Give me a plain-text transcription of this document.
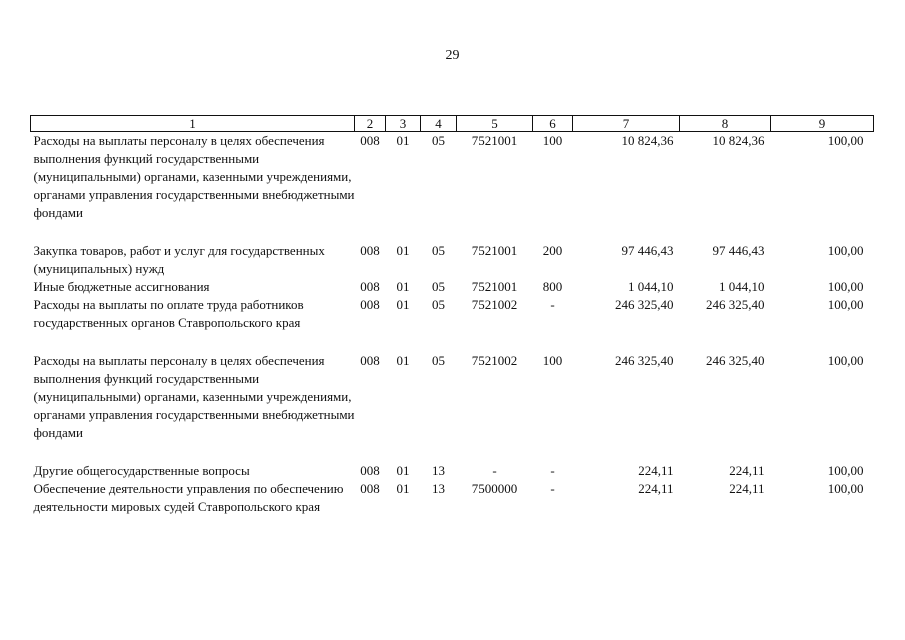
29
1	2	3	4	5	6	7	8	9
Расходы на выплаты персоналу в целях обеспечения выполнения функций государственными (муниципальными) органами, казенными учреждениями, органами управления государственными внебюджетными фондами	008	01	05	7521001	100	10 824,36	10 824,36	100,00
Закупка товаров, работ и услуг для государственных (муниципальных) нужд	008	01	05	7521001	200	97 446,43	97 446,43	100,00
Иные бюджетные ассигнования	008	01	05	7521001	800	1 044,10	1 044,10	100,00
Расходы на выплаты по оплате труда работников государственных органов Ставропольского края	008	01	05	7521002	-	246 325,40	246 325,40	100,00
Расходы на выплаты персоналу в целях обеспечения выполнения функций государственными (муниципальными) органами, казенными учреждениями, органами управления государственными внебюджетными фондами	008	01	05	7521002	100	246 325,40	246 325,40	100,00
Другие общегосударственные вопросы	008	01	13	-	-	224,11	224,11	100,00
Обеспечение деятельности управления по обеспечению деятельности мировых судей Ставропольского края	008	01	13	7500000	-	224,11	224,11	100,00
